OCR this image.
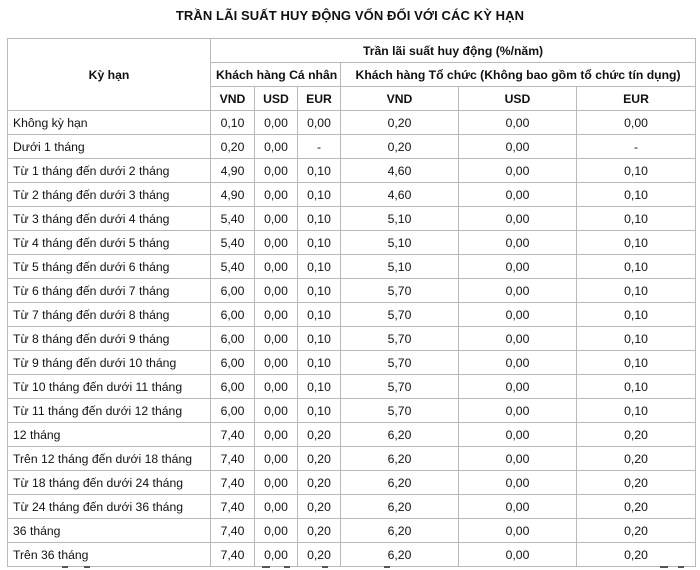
TRẦN LÃI SUẤT HUY ĐỘNG VỐN ĐỐI VỚI CÁC KỲ HẠN
Kỳ hạn	Trần lãi suất huy động (%/năm)					
	Khách hàng Cá nhân			Khách hàng Tổ chức (Không bao gồm tổ chức tín dụng)		
	VND	USD	EUR	VND	USD	EUR
Không kỳ hạn	0,10	0,00	0,00	0,20	0,00	0,00
Dưới 1 tháng	0,20	0,00	-	0,20	0,00	-
Từ 1 tháng đến dưới 2 tháng	4,90	0,00	0,10	4,60	0,00	0,10
Từ 2 tháng đến dưới 3 tháng	4,90	0,00	0,10	4,60	0,00	0,10
Từ 3 tháng đến dưới 4 tháng	5,40	0,00	0,10	5,10	0,00	0,10
Từ 4 tháng đến dưới 5 tháng	5,40	0,00	0,10	5,10	0,00	0,10
Từ 5 tháng đến dưới 6 tháng	5,40	0,00	0,10	5,10	0,00	0,10
Từ 6 tháng đến dưới 7 tháng	6,00	0,00	0,10	5,70	0,00	0,10
Từ 7 tháng đến dưới 8 tháng	6,00	0,00	0,10	5,70	0,00	0,10
Từ 8 tháng đến dưới 9 tháng	6,00	0,00	0,10	5,70	0,00	0,10
Từ 9 tháng đến dưới 10 tháng	6,00	0,00	0,10	5,70	0,00	0,10
Từ 10 tháng đến dưới 11 tháng	6,00	0,00	0,10	5,70	0,00	0,10
Từ 11 tháng đến dưới 12 tháng	6,00	0,00	0,10	5,70	0,00	0,10
12 tháng	7,40	0,00	0,20	6,20	0,00	0,20
Trên 12 tháng đến dưới 18 tháng	7,40	0,00	0,20	6,20	0,00	0,20
Từ 18 tháng đến dưới 24 tháng	7,40	0,00	0,20	6,20	0,00	0,20
Từ 24 tháng đến dưới 36 tháng	7,40	0,00	0,20	6,20	0,00	0,20
36 tháng	7,40	0,00	0,20	6,20	0,00	0,20
Trên 36 tháng	7,40	0,00	0,20	6,20	0,00	0,20
